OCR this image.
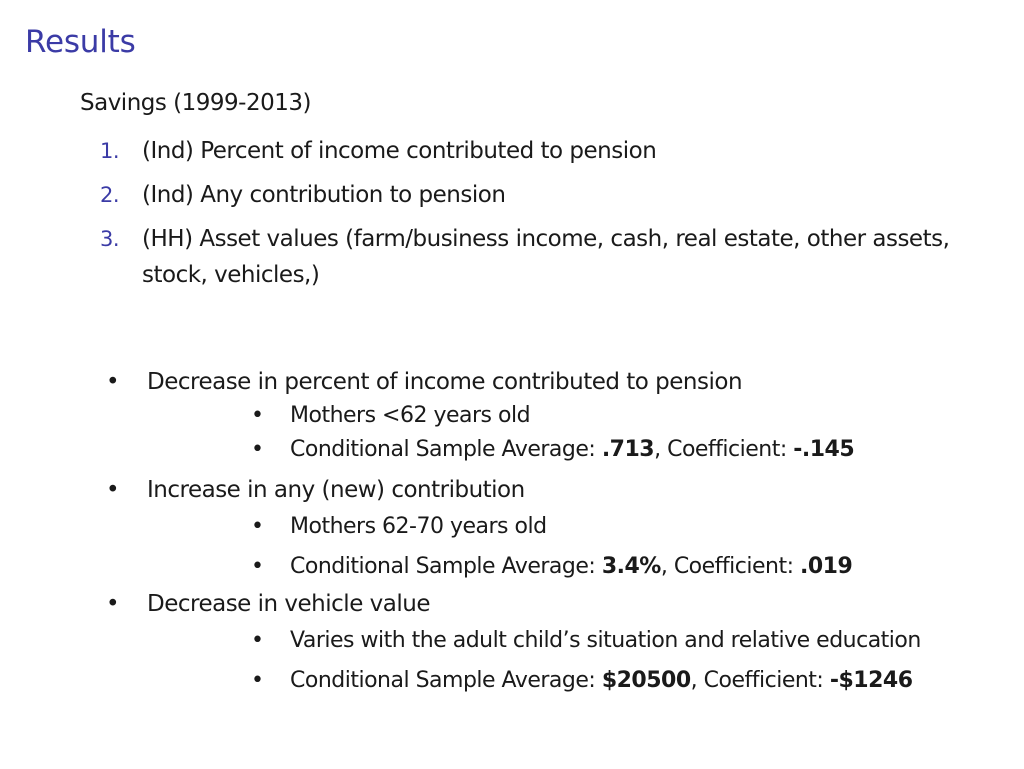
Results
Savings (1999-2013)
1. (Ind) Percent of income contributed to pension
2. (Ind) Any contribution to pension
3. (HH) Asset values (farm/business income, cash, real estate, other assets, stock, vehicles,)
• Decrease in percent of income contributed to pension
• Mothers <62 years old
• Conditional Sample Average: .713, Coefficient: -.145
• Increase in any (new) contribution
• Mothers 62-70 years old
• Conditional Sample Average: 3.4%, Coefficient: .019
• Decrease in vehicle value
• Varies with the adult child’s situation and relative education
• Conditional Sample Average: $20500, Coefficient: -$1246
